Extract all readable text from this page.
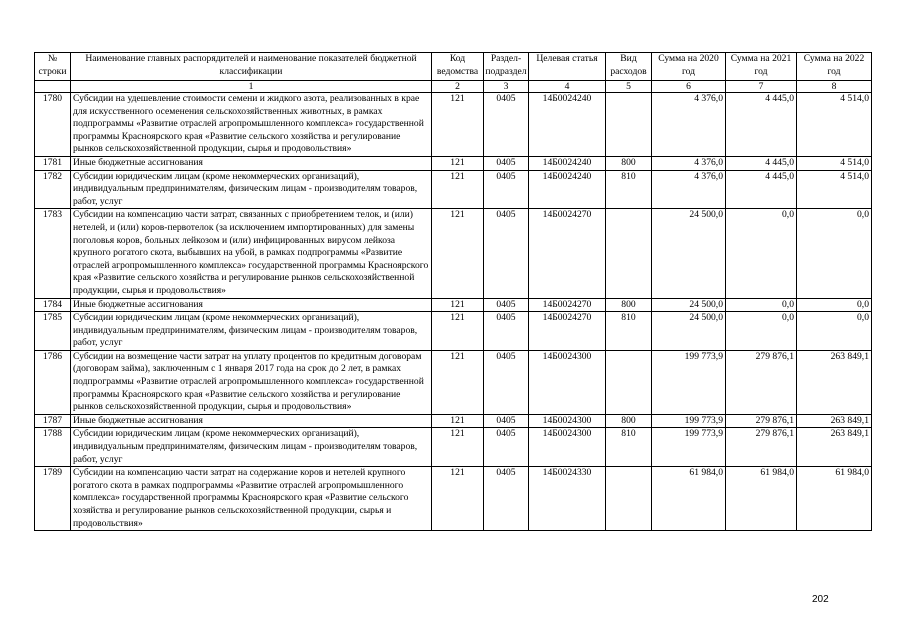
№ строки	Наименование главных распорядителей и наименование показателей бюджетной классификации	Код ведомства	Раздел-подраздел	Целевая статья	Вид расходов	Сумма на 2020 год	Сумма на 2021 год	Сумма на 2022 год
	1	2	3	4	5	6	7	8
1780	Субсидии на удешевление стоимости семени и жидкого азота, реализованных в крае для искусственного осеменения сельскохозяйственных животных, в рамках подпрограммы «Развитие отраслей агропромышленного комплекса» государственной программы Красноярского края «Развитие сельского хозяйства и регулирование рынков сельскохозяйственной продукции, сырья и продовольствия»	121	0405	14Б0024240		4 376,0	4 445,0	4 514,0
1781	Иные бюджетные ассигнования	121	0405	14Б0024240	800	4 376,0	4 445,0	4 514,0
1782	Субсидии юридическим лицам (кроме некоммерческих организаций), индивидуальным предпринимателям, физическим лицам - производителям товаров, работ, услуг	121	0405	14Б0024240	810	4 376,0	4 445,0	4 514,0
1783	Субсидии на компенсацию части затрат, связанных с приобретением телок, и (или) нетелей, и (или) коров-первотелок (за исключением импортированных) для замены поголовья коров, больных лейкозом и (или) инфицированных вирусом лейкоза крупного рогатого скота, выбывших на убой, в рамках подпрограммы «Развитие отраслей агропромышленного комплекса» государственной программы Красноярского края «Развитие сельского хозяйства и регулирование рынков сельскохозяйственной продукции, сырья и продовольствия»	121	0405	14Б0024270		24 500,0	0,0	0,0
1784	Иные бюджетные ассигнования	121	0405	14Б0024270	800	24 500,0	0,0	0,0
1785	Субсидии юридическим лицам (кроме некоммерческих организаций), индивидуальным предпринимателям, физическим лицам - производителям товаров, работ, услуг	121	0405	14Б0024270	810	24 500,0	0,0	0,0
1786	Субсидии на возмещение части затрат на уплату процентов по кредитным договорам (договорам займа), заключенным с 1 января 2017 года на срок до 2 лет, в рамках подпрограммы «Развитие отраслей агропромышленного комплекса» государственной программы Красноярского края «Развитие сельского хозяйства и регулирование рынков сельскохозяйственной продукции, сырья и продовольствия»	121	0405	14Б0024300		199 773,9	279 876,1	263 849,1
1787	Иные бюджетные ассигнования	121	0405	14Б0024300	800	199 773,9	279 876,1	263 849,1
1788	Субсидии юридическим лицам (кроме некоммерческих организаций), индивидуальным предпринимателям, физическим лицам - производителям товаров, работ, услуг	121	0405	14Б0024300	810	199 773,9	279 876,1	263 849,1
1789	Субсидии на компенсацию части затрат на содержание коров и нетелей крупного рогатого скота в рамках подпрограммы «Развитие отраслей агропромышленного комплекса» государственной программы Красноярского края «Развитие сельского хозяйства и регулирование рынков сельскохозяйственной продукции, сырья и продовольствия»	121	0405	14Б0024330		61 984,0	61 984,0	61 984,0
202
